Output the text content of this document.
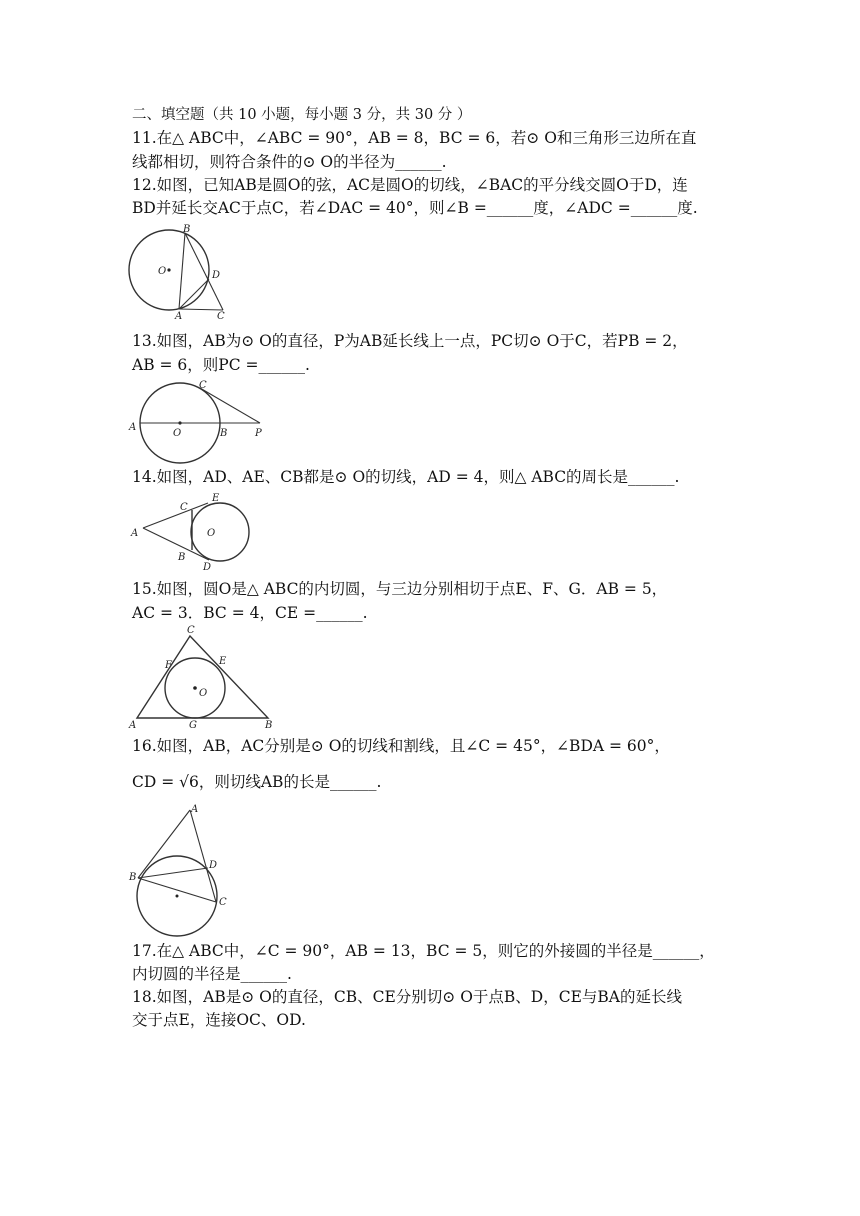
二、填空题（共 10 小题，每小题 3 分，共 30 分 ）
11.在△ ABC中，∠ABC = 90°，AB = 8，BC = 6，若⊙ O和三角形三边所在直
线都相切，则符合条件的⊙ O的半径为______.
12.如图，已知AB是圆O的弦，AC是圆O的切线，∠BAC的平分线交圆O于D，连
BD并延长交AC于点C，若∠DAC = 40°，则∠B =______度，∠ADC =______度.
B
O	D
A	C
13.如图，AB为⊙ O的直径，P为AB延长线上一点，PC切⊙ O于C，若PB = 2，
AB = 6，则PC =______.
C
A
O	B	P
14.如图，AD、AE、CB都是⊙ O的切线，AD = 4，则△ ABC的周长是______.
C
E
A	O
B
D
15.如图，圆O是△ ABC的内切圆，与三边分别相切于点E、F、G．AB = 5，
AC = 3．BC = 4，CE =______.
C
F	E
O
A	G	B
16.如图，AB，AC分别是⊙ O的切线和割线，且∠C = 45°，∠BDA = 60°，
CD = √6，则切线AB的长是______.
A
D
B
C
17.在△ ABC中，∠C = 90°，AB = 13，BC = 5，则它的外接圆的半径是______，
内切圆的半径是______.
18.如图，AB是⊙ O的直径，CB、CE分别切⊙ O于点B、D，CE与BA的延长线
交于点E，连接OC、OD.
